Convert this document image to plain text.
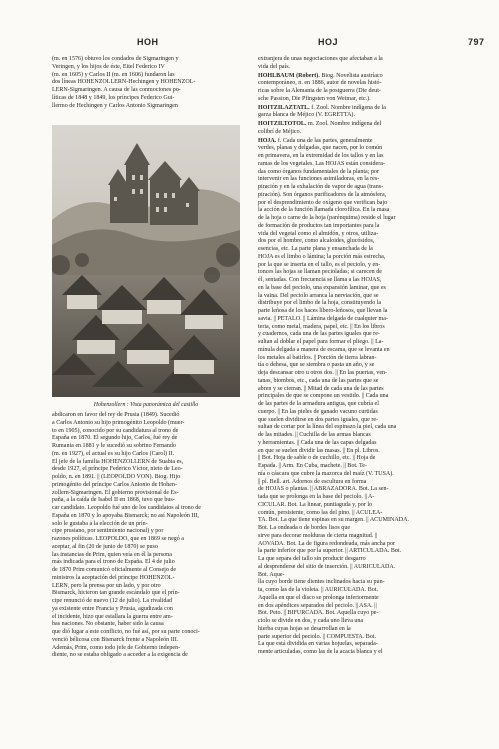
HOH	HOJ	797

(m. en 1576) obtuvo los condados de Sigmaringen y
Veringen, y los hijos de éste, Eitel Federico IV
(m. en 1605) y Carlos II (m. en 1606) fundaron las
dos líneas HOHENZOLLERN-Hechingen y HOHENZOL-
LERN-Sigmaringen. A causa de las conmociones po-
líticas de 1848 y 1849, los príncipes Federico Gui-
llermo de Hechingen y Carlos Antonio Sigmaringen

Hohenzollern : Vista panorámica del castillo

abdicaron en favor del rey de Prusia (1849). Sucedió
a Carlos Antonio su hijo primogénito Leopoldo (muer-
to en 1905), conocido por su candidatura al trono de
España en 1870. El segundo hijo, Carlos, fué rey de
Rumania en 1881 y le sucedió su sobrino Fernando
(m. en 1927), el actual es su hijo Carlos (Carol) II.
El jefe de la familia HOHENZOLLERN de Suabia es,
desde 1927, el príncipe Federico Víctor, nieto de Leo-
poldo, n. en 1891. || (LEOPOLDO VON). Biog. Hijo
primogénito del príncipe Carlos Antonio de Hohen-
zollern-Sigmaringen. El gobierno provisional de Es-
paña, a la caída de Isabel II en 1868, tuvo que bus-
car candidato. Leopoldo fué uno de los candidatos al trono de
España en 1870 y lo apoyaba Bismarck; no así Napoleón III,
solo le gustaba a la elección de un prín-
cipe prusiano, por sentimiento nacional) y por
razones políticas. LEOPOLDO, que en 1869 se negó a
aceptar, al fin (20 de junio de 1870) se puso
las instancias de Prim, quien veía en él la persona
más indicada para el trono de España. El 4 de julio
de 1870 Prim comunicó oficialmente al Consejo de
ministros la aceptación del príncipe HOHENZOL-
LERN, pero la prensa por un lado, y por otro
Bismarck, hicieron tan grande escándalo que el prín-
cipe renunció de nuevo (12 de julio). La rivalidad
ya existente entre Francia y Prusia, agudizada con
el incidente, hizo que estallara la guerra entre am-
bas naciones. No obstante, haber sido la causa
que dió lugar a este conflicto, no fué así, por su parte conoci-
venció bélicosa con Bismarck frente a Napoleón III.
Además, Prim, como todo jefe de Gobierno indepen-
diente, no se estaba obligado a acceder a la exigencia de

extranjera de unas negociaciones que afectaban a la
vida del país.

HOHLBAUM (Robert). Biog. Novelista austríaco
contemporáneo, n. en 1886, autor de novelas histó-
ricas sobre la Alemania de la postguerra (Die deut-
sche Passion, Die Pfingsten von Weimar, etc.).

HOITZILAZTATL. f. Zool. Nombre indígena de la
garza blanca de Méjico (V. EGRETTA).

HOITZILTOTOL. m. Zool. Nombre indígena del
colibrí de Méjico.

HOJA. f. Cada una de las partes, generalmente
verdes, planas y delgadas, que nacen, por lo común
en primavera, en la extremidad de los tallos y en las
ramas de los vegetales. Las HOJAS están considera-
das como órganos fundamentales de la planta; por
intervenir en las funciones asimiladoras, en la res-
piración y en la exhalación de vapor de agua (trans-
piración). Son órganos purificadores de la atmósfera,
por el desprendimiento de oxígeno que verifican bajo
la acción de la función llamada clorofílica. En la masa
de la hoja o carne de la hoja (parénquima) reside el lugar
de formación de productos tan importantes para la
vida del vegetal como el almidón, y otros, utiliza-
dos por el hombre, como alcaloides, glucósidos,
esencias, etc. La parte plana y ensanchada de la
HOJA es el limbo o lámina; la porción más estrecha,
por la que se inserta en el tallo, es el peciolo, y en-
tonces las hojas se llaman pecioladas; si carecen de
él, sentadas. Con frecuencia se llama a las HOJAS,
en la base del peciolo, una expansión laminar, que es
la vaina. Del peciolo arranca la nerviación, que se
distribuye por el limbo de la hoja, constituyendo la
parte leñosa de los haces libero-leñosos, que llevan la
savia. || PETALO. || Lámina delgada de cualquier ma-
teria, como metal, madera, papel, etc. || En los libros
y cuadernos, cada una de las partes iguales que re-
sultan al doblar el papel para formar el pliego. || La-
mínula delgada a manera de escama, que se levanta en
los metales al batirlos. || Porción de tierra labran-
tía o dehesa, que se siembra o pasta un año, y se
deja descansar otro u otros dos. || En las puertas, ven-
tanas, biombos, etc., cada una de las partes que se
abren y se cierran. || Mitad de cada una de las partes
principales de que se compone un vestido. || Cada una
de las partes de la armadura antigua, que cubría el
cuerpo. || En las pieles de ganado vacuno curtidas
que suelen dividirse en dos partes iguales, que re-
sultan de cortar por la línea del espinazo la piel, cada una
de las mitades. || Cuchilla de las armas blancas
y herramientas. || Cada una de las capas delgadas
en que se suelen dividir las masas. || En pl. Libros.
|| Bot. Hoja de sable o de cuchillo, etc. || Hoja de
Espada. || Arm. En Cuba, machete. || Bot. Te-
nía o cáscara que cubre la mazorca del maíz (V. TUSA).
|| pl. Bell. art. Adornos de escultura en forma
de HOJAS o plantas. || ABRAZADORA. Bot. La sen-
tada que se prolonga en la base del peciolo. || A-
CICULAR. Bot. La linear, puntiaguda y, por lo
común, persistente, como las del pino. || ACULEA-
TA. Bot. La que tiene espinas en su margen. || ACUMINADA.
Bot. La ondeada o de bordes lisos que
sirve para decorar molduras de cierta magnitud. ||
AOVADA. Bot. La de figura redondeada, más ancha por
la parte inferior que por la superior. || ARTICULADA. Bot.
La que separa del tallo sin producir desgarro
al desprenderse del sitio de inserción. || AURICULADA.
Bot. Aque-
lla cuyo borde tiene dientes inclinados hacia su pun-
ta, como las de la violeta. || AURICULADA. Bot.
Aquella en que el disco se prolonga inferiormente
en dos apéndices separados del peciolo. || ASA. ||
Bot. Peto. || BIFURCADA. Bot. Aquella cuyo pe-
ciolo se divide en dos, y cada uno lleva una
hierba cuyas hojas se desarrollan en la
parte superior del peciolo. || COMPUESTA. Bot.
La que está dividida en varias hojuelas, separada-
mente articuladas, como las de la acacia blanca y el
